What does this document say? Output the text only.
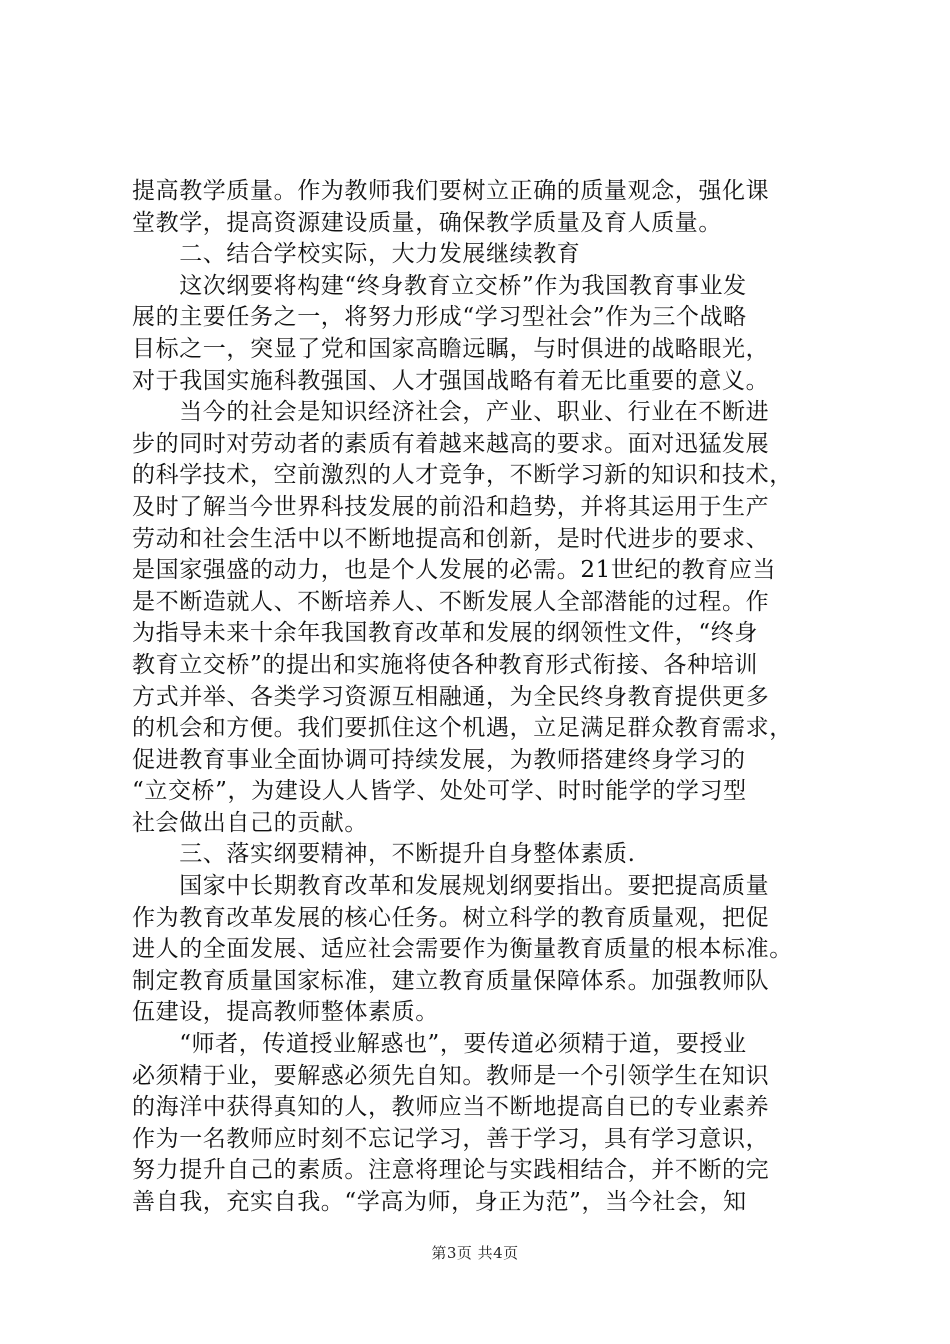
提高教学质量。作为教师我们要树立正确的质量观念，强化课
堂教学，提高资源建设质量，确保教学质量及育人质量。
　　二、结合学校实际，大力发展继续教育
　　这次纲要将构建“终身教育立交桥”作为我国教育事业发
展的主要任务之一，将努力形成“学习型社会”作为三个战略
目标之一，突显了党和国家高瞻远瞩，与时俱进的战略眼光，
对于我国实施科教强国、人才强国战略有着无比重要的意义。
　　当今的社会是知识经济社会，产业、职业、行业在不断进
步的同时对劳动者的素质有着越来越高的要求。面对迅猛发展
的科学技术，空前激烈的人才竞争，不断学习新的知识和技术，
及时了解当今世界科技发展的前沿和趋势，并将其运用于生产
劳动和社会生活中以不断地提高和创新，是时代进步的要求、
是国家强盛的动力，也是个人发展的必需。21世纪的教育应当
是不断造就人、不断培养人、不断发展人全部潜能的过程。作
为指导未来十余年我国教育改革和发展的纲领性文件，“终身
教育立交桥”的提出和实施将使各种教育形式衔接、各种培训
方式并举、各类学习资源互相融通，为全民终身教育提供更多
的机会和方便。我们要抓住这个机遇，立足满足群众教育需求，
促进教育事业全面协调可持续发展，为教师搭建终身学习的
“立交桥”，为建设人人皆学、处处可学、时时能学的学习型
社会做出自己的贡献。
　　三、落实纲要精神，不断提升自身整体素质.
　　国家中长期教育改革和发展规划纲要指出。要把提高质量
作为教育改革发展的核心任务。树立科学的教育质量观，把促
进人的全面发展、适应社会需要作为衡量教育质量的根本标准。
制定教育质量国家标准，建立教育质量保障体系。加强教师队
伍建设，提高教师整体素质。
　　“师者，传道授业解惑也”，要传道必须精于道，要授业
必须精于业，要解惑必须先自知。教师是一个引领学生在知识
的海洋中获得真知的人，教师应当不断地提高自已的专业素养
作为一名教师应时刻不忘记学习，善于学习，具有学习意识，
努力提升自己的素质。注意将理论与实践相结合，并不断的完
善自我，充实自我。“学高为师，身正为范”，当今社会，知
第3页 共4页
